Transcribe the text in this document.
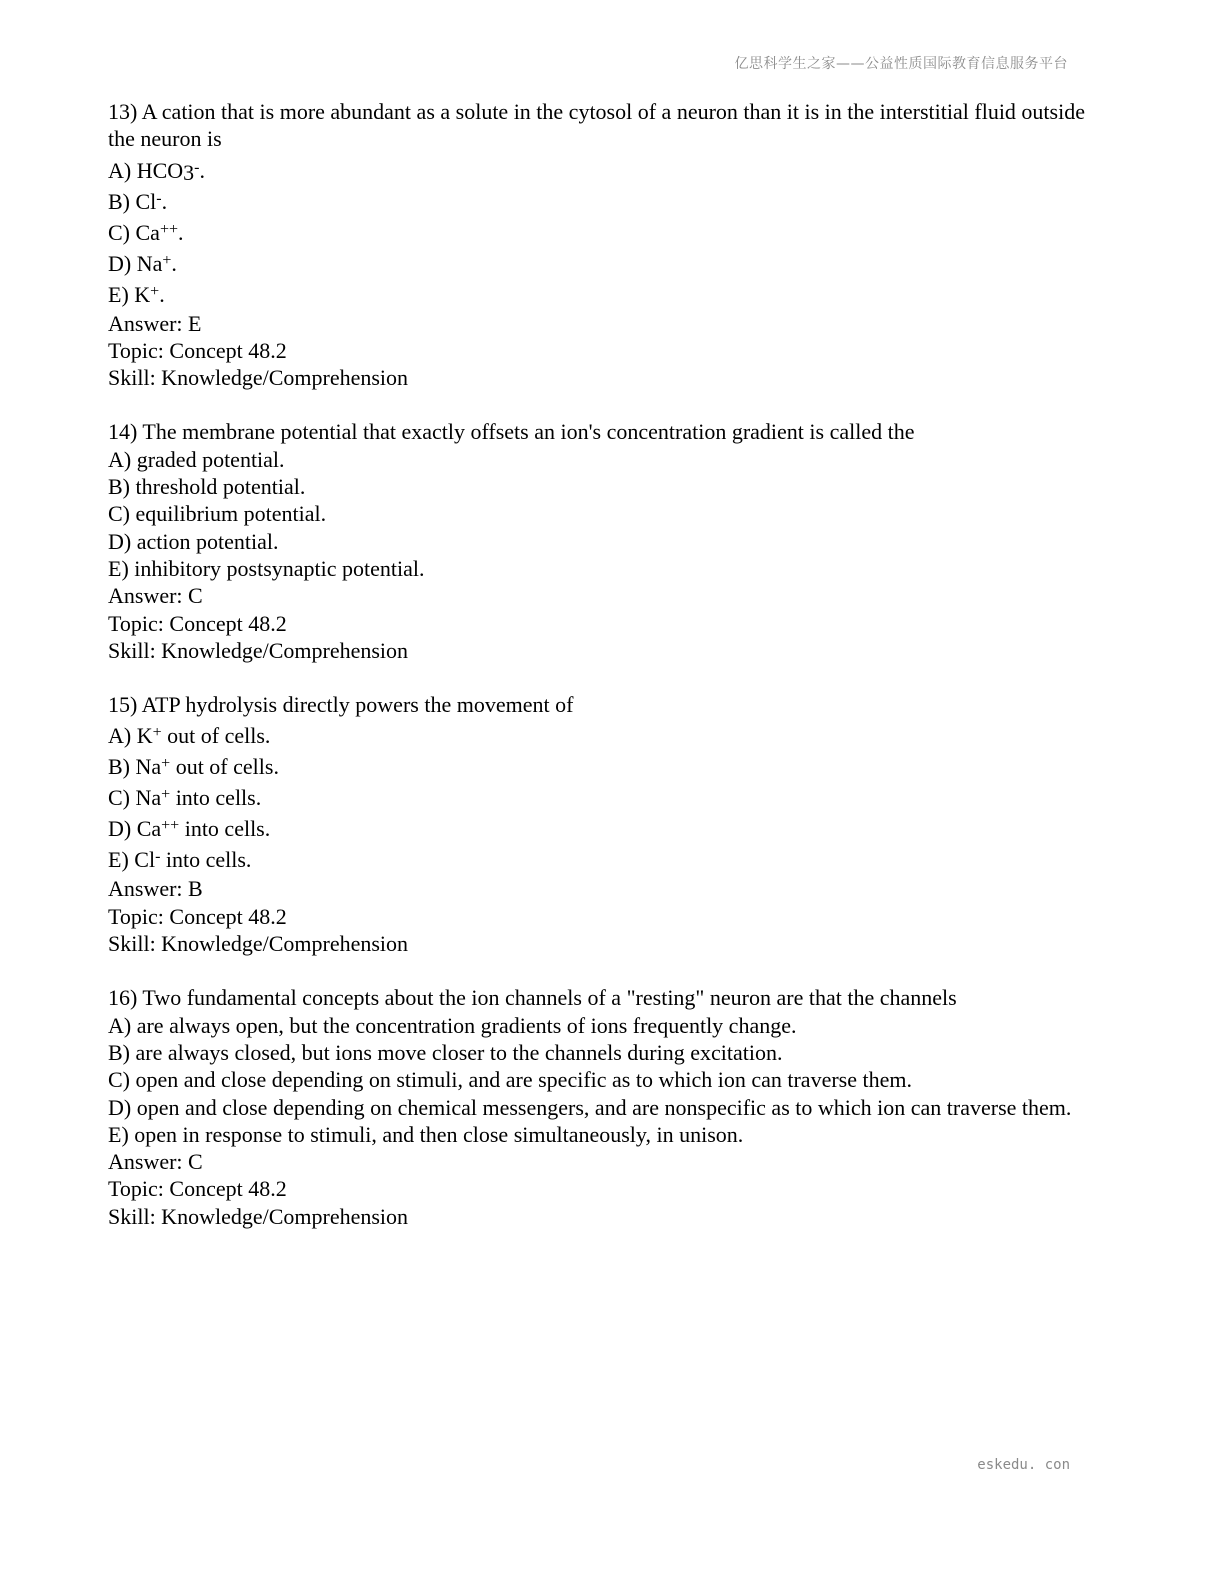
亿思科学生之家——公益性质国际教育信息服务平台
13) A cation that is more abundant as a solute in the cytosol of a neuron than it is in the interstitial fluid outside the neuron is
A) $HCO_3^-$.
B) Cl-.
C) Ca++.
D) Na+.
E) K+.
Answer: E
Topic: Concept 48.2
Skill: Knowledge/Comprehension
14) The membrane potential that exactly offsets an ion's concentration gradient is called the
A) graded potential.
B) threshold potential.
C) equilibrium potential.
D) action potential.
E) inhibitory postsynaptic potential.
Answer: C
Topic: Concept 48.2
Skill: Knowledge/Comprehension
15) ATP hydrolysis directly powers the movement of
A) K+ out of cells.
B) Na+ out of cells.
C) Na+ into cells.
D) Ca++ into cells.
E) Cl- into cells.
Answer: B
Topic: Concept 48.2
Skill: Knowledge/Comprehension
16) Two fundamental concepts about the ion channels of a "resting" neuron are that the channels
A) are always open, but the concentration gradients of ions frequently change.
B) are always closed, but ions move closer to the channels during excitation.
C) open and close depending on stimuli, and are specific as to which ion can traverse them.
D) open and close depending on chemical messengers, and are nonspecific as to which ion can traverse them.
E) open in response to stimuli, and then close simultaneously, in unison.
Answer: C
Topic: Concept 48.2
Skill: Knowledge/Comprehension
eskedu. con
